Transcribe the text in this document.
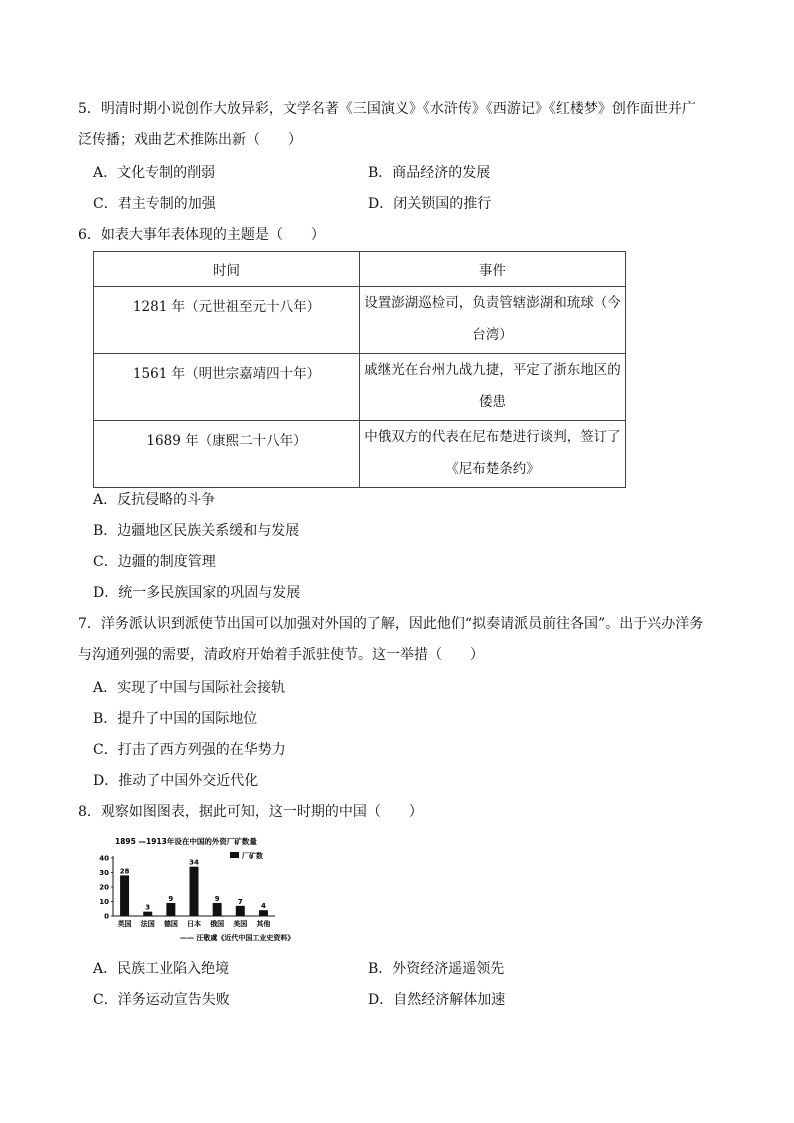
5．明清时期小说创作大放异彩，文学名著《三国演义》《水浒传》《西游记》《红楼梦》创作面世并广
泛传播；戏曲艺术推陈出新（　　）
A．文化专制的削弱	B．商品经济的发展
C．君主专制的加强	D．闭关锁国的推行
6．如表大事年表体现的主题是（　　）
时间	事件
1281 年（元世祖至元十八年）	设置澎湖巡检司，负责管辖澎湖和琉球（今
台湾）

1561 年（明世宗嘉靖四十年）	戚继光在台州九战九捷，平定了浙东地区的
倭患

1689 年（康熙二十八年）	中俄双方的代表在尼布楚进行谈判，签订了
《尼布楚条约》
A．反抗侵略的斗争
B．边疆地区民族关系缓和与发展
C．边疆的制度管理
D．统一多民族国家的巩固与发展
7．洋务派认识到派使节出国可以加强对外国的了解，因此他们“拟奏请派员前往各国”。出于兴办洋务
与沟通列强的需要，清政府开始着手派驻使节。这一举措（　　）
A．实现了中国与国际社会接轨
B．提升了中国的国际地位
C．打击了西方列强的在华势力
D．推动了中国外交近代化
8．观察如图图表，据此可知，这一时期的中国（　　）
1895 —1913年设在中国的外资厂矿数量
厂矿数
40
30
20
10
0
28
英国
3
法国
9
德国
34
日本
9
俄国
7
美国
4
其他
—— 汪敬虞《近代中国工业史资料》
A．民族工业陷入绝境	B．外资经济遥遥领先
C．洋务运动宣告失败	D．自然经济解体加速
